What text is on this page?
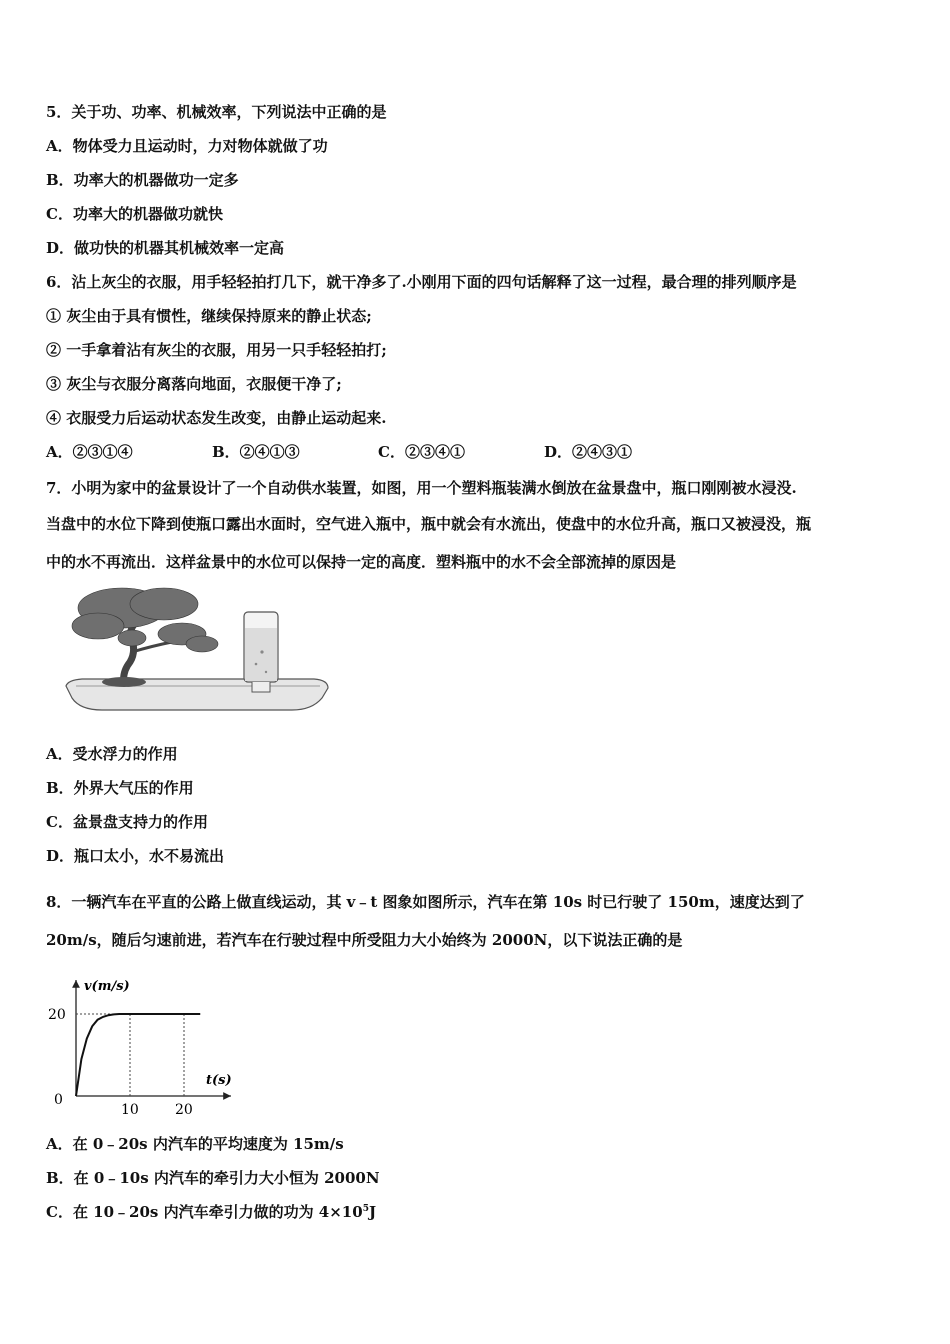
5．关于功、功率、机械效率，下列说法中正确的是
A．物体受力且运动时，力对物体就做了功
B．功率大的机器做功一定多
C．功率大的机器做功就快
D．做功快的机器其机械效率一定高
6．沾上灰尘的衣服，用手轻轻拍打几下，就干净多了.小刚用下面的四句话解释了这一过程，最合理的排列顺序是
① 灰尘由于具有惯性，继续保持原来的静止状态;
② 一手拿着沾有灰尘的衣服，用另一只手轻轻拍打;
③ 灰尘与衣服分离落向地面，衣服便干净了;
④ 衣服受力后运动状态发生改变，由静止运动起来.
A．②③①④	B．②④①③	C．②③④①	D．②④③①
7．小明为家中的盆景设计了一个自动供水装置，如图，用一个塑料瓶装满水倒放在盆景盘中，瓶口刚刚被水浸没.
当盘中的水位下降到使瓶口露出水面时，空气进入瓶中，瓶中就会有水流出，使盘中的水位升高，瓶口又被浸没，瓶
中的水不再流出．这样盆景中的水位可以保持一定的高度．塑料瓶中的水不会全部流掉的原因是
A．受水浮力的作用
B．外界大气压的作用
C．盆景盘支持力的作用
D．瓶口太小，水不易流出
8．一辆汽车在平直的公路上做直线运动，其 v﹣t 图象如图所示，汽车在第 10s 时已行驶了 150m，速度达到了
20m/s，随后匀速前进，若汽车在行驶过程中所受阻力大小始终为 2000N，以下说法正确的是
v(m/s)
t(s)
0
10	20
20
A．在 0﹣20s 内汽车的平均速度为 15m/s
B．在 0﹣10s 内汽车的牵引力大小恒为 2000N
C．在 10﹣20s 内汽车牵引力做的功为 $4\times 10^5J$
